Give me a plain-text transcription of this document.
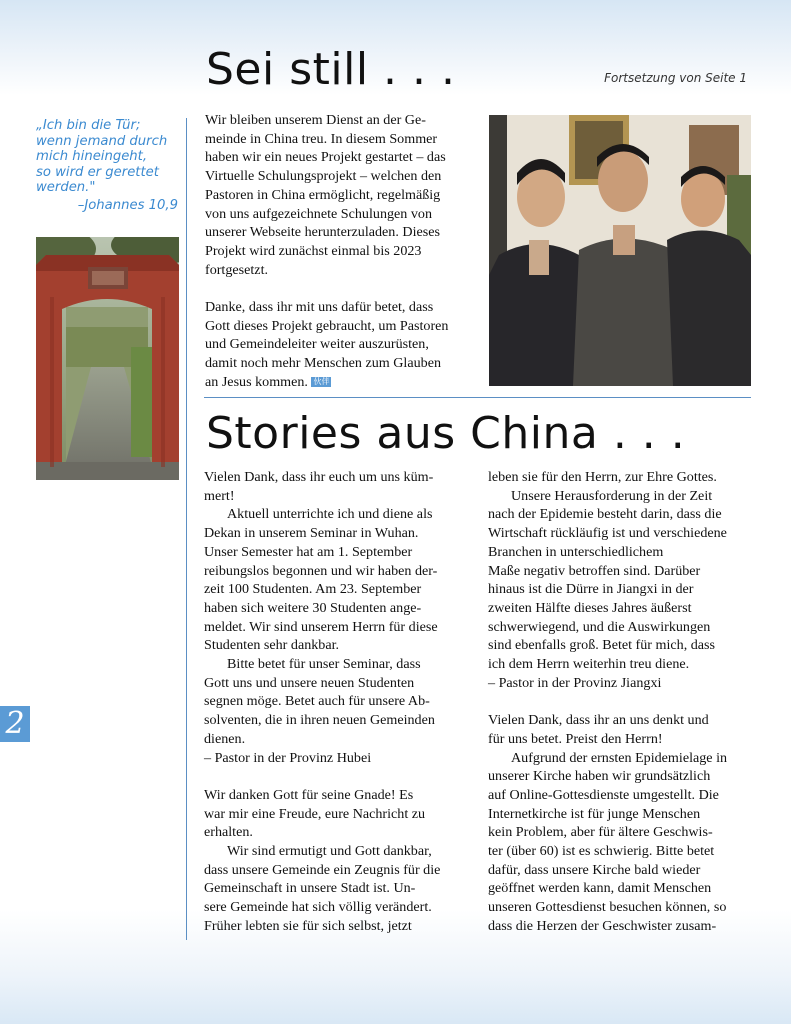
Sei still . . .	Fortsetzung von Seite 1

„Ich bin die Tür;

wenn jemand durch

mich hineingeht,

so wird er gerettet

werden."

–Johannes 10,9

Wir bleiben unserem Dienst an der Ge-

meinde in China treu. In diesem Sommer

haben wir ein neues Projekt gestartet – das

Virtuelle Schulungsprojekt – welchen den

Pastoren in China ermöglicht, regelmäßig

von uns aufgezeichnete Schulungen von

unserer Webseite herunterzuladen. Dieses

Projekt wird zunächst einmal bis 2023

fortgesetzt.

Danke, dass ihr mit uns dafür betet, dass

Gott dieses Projekt gebraucht, um Pastoren

und Gemeindeleiter weiter auszurüsten,

damit noch mehr Menschen zum Glauben

an Jesus kommen. 伙伴

Stories aus China . . .

Vielen Dank, dass ihr euch um uns küm-

mert!

Aktuell unterrichte ich und diene als

Dekan in unserem Seminar in Wuhan.

Unser Semester hat am 1. September

reibungslos begonnen und wir haben der-

zeit 100 Studenten. Am 23. September

haben sich weitere 30 Studenten ange-

meldet. Wir sind unserem Herrn für diese

Studenten sehr dankbar.

Bitte betet für unser Seminar, dass

Gott uns und unsere neuen Studenten

segnen möge. Betet auch für unsere Ab-

solventen, die in ihren neuen Gemeinden

dienen.

– Pastor in der Provinz Hubei

Wir danken Gott für seine Gnade! Es

war mir eine Freude, eure Nachricht zu

erhalten.

Wir sind ermutigt und Gott dankbar,

dass unsere Gemeinde ein Zeugnis für die

Gemeinschaft in unsere Stadt ist. Un-

sere Gemeinde hat sich völlig verändert.

Früher lebten sie für sich selbst, jetzt

leben sie für den Herrn, zur Ehre Gottes.

Unsere Herausforderung in der Zeit

nach der Epidemie besteht darin, dass die

Wirtschaft rückläufig ist und verschiedene

Branchen in unterschiedlichem

Maße negativ betroffen sind. Darüber

hinaus ist die Dürre in Jiangxi in der

zweiten Hälfte dieses Jahres äußerst

schwerwiegend, und die Auswirkungen

sind ebenfalls groß. Betet für mich, dass

ich dem Herrn weiterhin treu diene.

– Pastor in der Provinz Jiangxi

Vielen Dank, dass ihr an uns denkt und

für uns betet. Preist den Herrn!

Aufgrund der ernsten Epidemielage in

unserer Kirche haben wir grundsätzlich

auf Online-Gottesdienste umgestellt. Die

Internetkirche ist für junge Menschen

kein Problem, aber für ältere Geschwis-

ter (über 60) ist es schwierig. Bitte betet

dafür, dass unsere Kirche bald wieder

geöffnet werden kann, damit Menschen

unseren Gottesdienst besuchen können, so

dass die Herzen der Geschwister zusam-

2
